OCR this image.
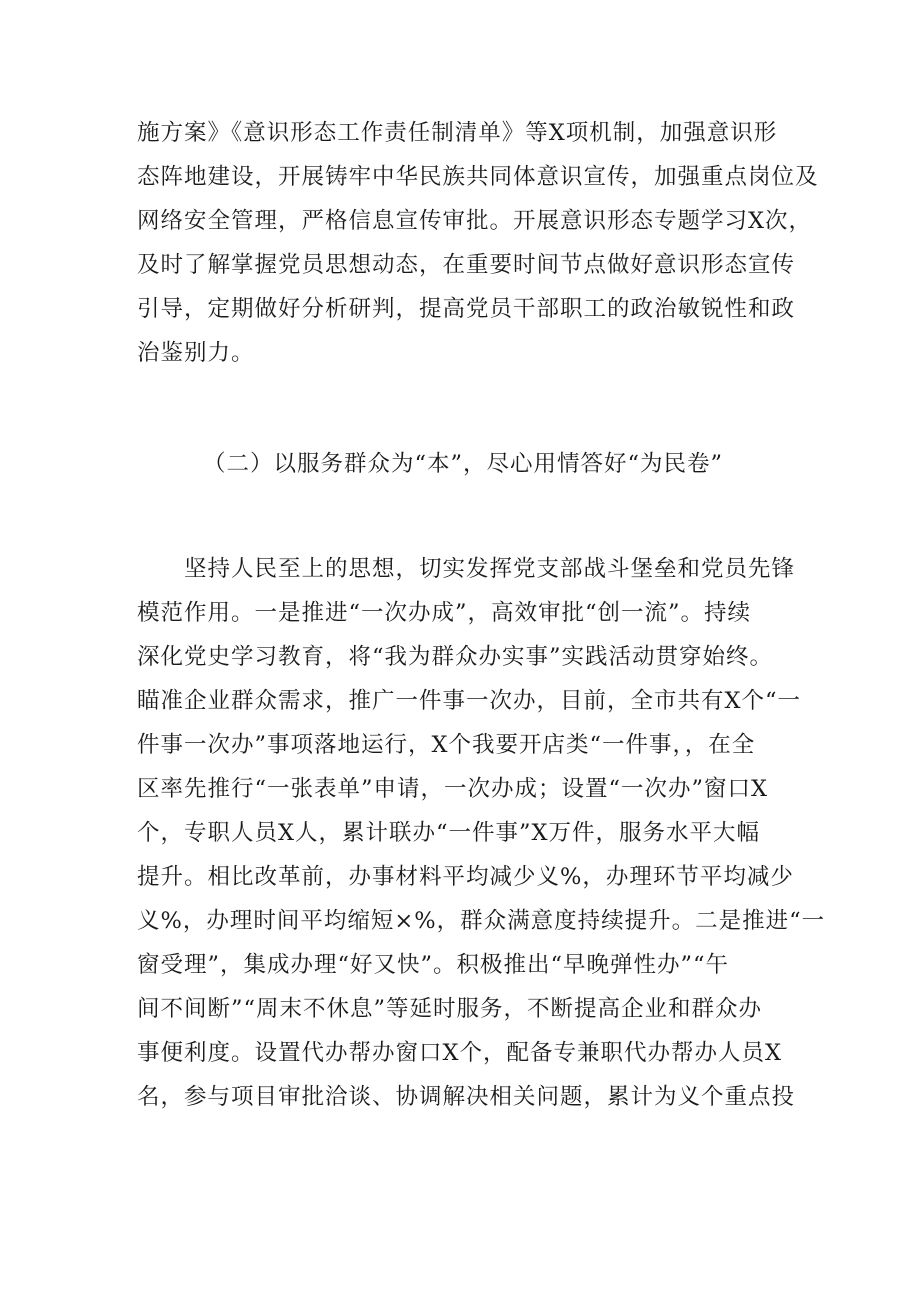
施方案》《意识形态工作责任制清单》等X项机制，加强意识形
态阵地建设，开展铸牢中华民族共同体意识宣传，加强重点岗位及
网络安全管理，严格信息宣传审批。开展意识形态专题学习X次，
及时了解掌握党员思想动态，在重要时间节点做好意识形态宣传
引导，定期做好分析研判，提高党员干部职工的政治敏锐性和政
治鉴别力。
（二）以服务群众为“本”，尽心用情答好“为民卷”
坚持人民至上的思想，切实发挥党支部战斗堡垒和党员先锋
模范作用。一是推进“一次办成”，高效审批“创一流”。持续
深化党史学习教育，将“我为群众办实事”实践活动贯穿始终。
瞄准企业群众需求，推广一件事一次办，目前，全市共有X个“一
件事一次办”事项落地运行，X个我要开店类“一件事，，在全
区率先推行“一张表单”申请，一次办成；设置“一次办”窗口X
个，专职人员X人，累计联办“一件事”X万件，服务水平大幅
提升。相比改革前，办事材料平均减少义%，办理环节平均减少
义%，办理时间平均缩短×%，群众满意度持续提升。二是推进“一
窗受理”，集成办理“好又快”。积极推出“早晚弹性办”“午
间不间断”“周末不休息”等延时服务，不断提高企业和群众办
事便利度。设置代办帮办窗口X个，配备专兼职代办帮办人员X
名，参与项目审批洽谈、协调解决相关问题，累计为义个重点投
